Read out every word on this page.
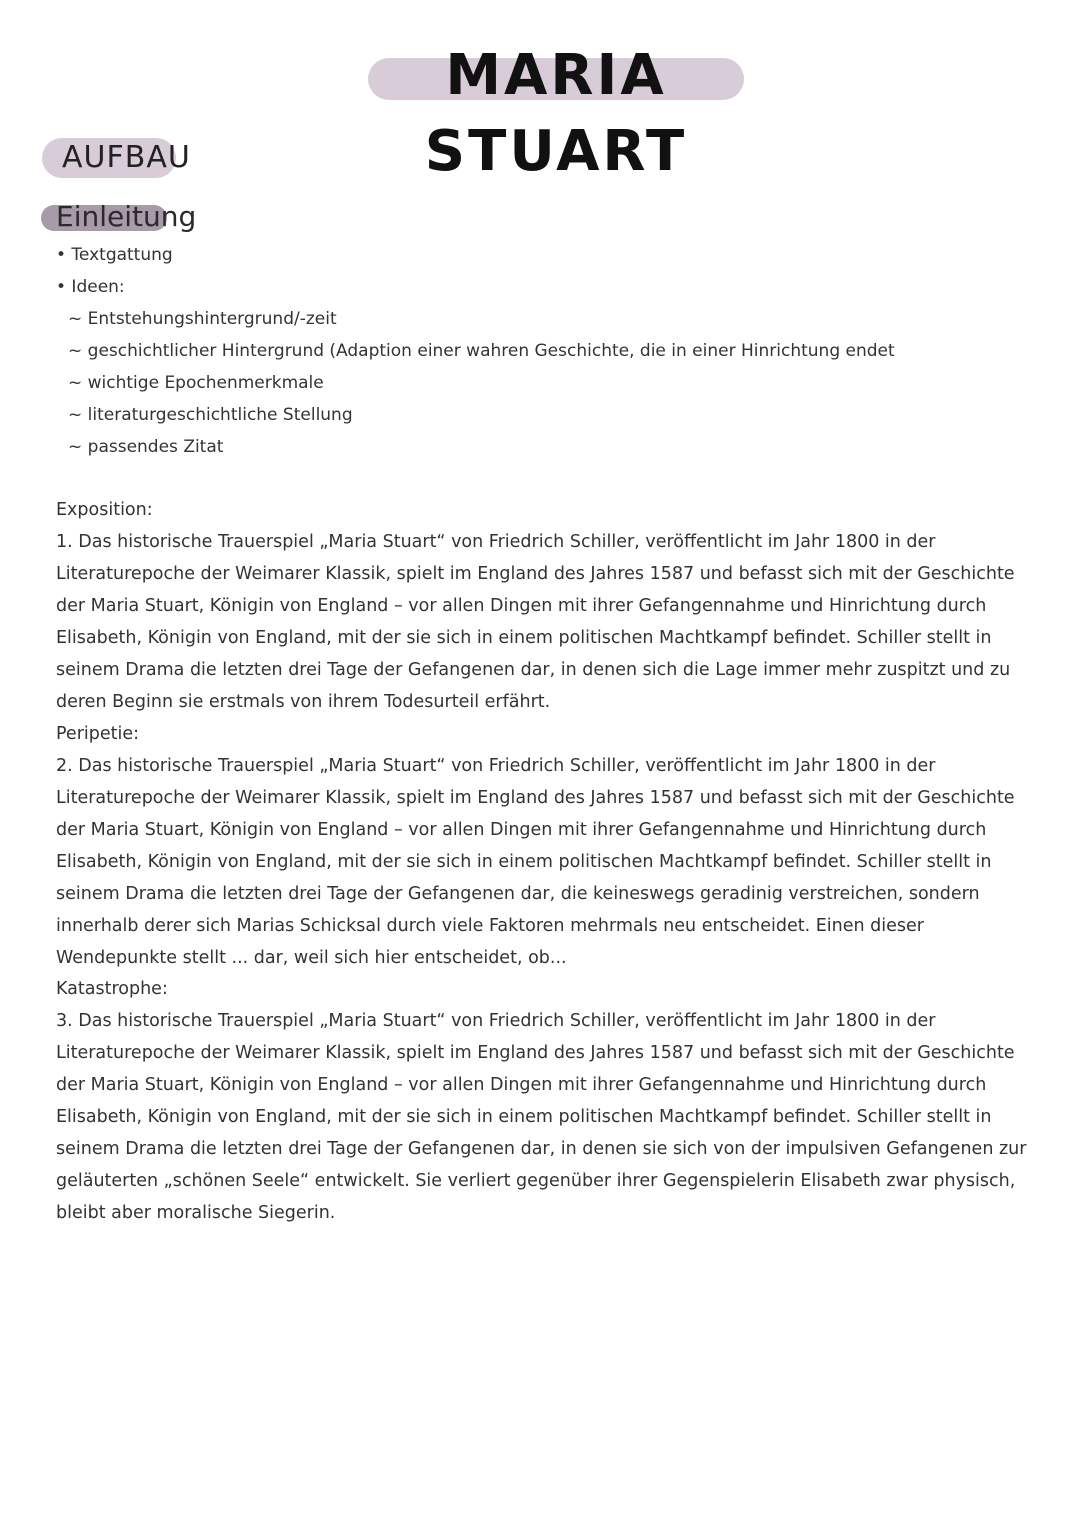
MARIA STUART
AUFBAU
Einleitung
• Textgattung
• Ideen:
~ Entstehungshintergrund/-zeit
~ geschichtlicher Hintergrund (Adaption einer wahren Geschichte, die in einer Hinrichtung endet
~ wichtige Epochenmerkmale
~ literaturgeschichtliche Stellung
~ passendes Zitat
Exposition:
1. Das historische Trauerspiel „Maria Stuart“ von Friedrich Schiller, veröffentlicht im Jahr 1800 in der Literaturepoche der Weimarer Klassik, spielt im England des Jahres 1587 und befasst sich mit der Geschichte der Maria Stuart, Königin von England – vor allen Dingen mit ihrer Gefangennahme und Hinrichtung durch Elisabeth, Königin von England, mit der sie sich in einem politischen Machtkampf befindet. Schiller stellt in seinem Drama die letzten drei Tage der Gefangenen dar, in denen sich die Lage immer mehr zuspitzt und zu deren Beginn sie erstmals von ihrem Todesurteil erfährt.
Peripetie:
2. Das historische Trauerspiel „Maria Stuart“ von Friedrich Schiller, veröffentlicht im Jahr 1800 in der Literaturepoche der Weimarer Klassik, spielt im England des Jahres 1587 und befasst sich mit der Geschichte der Maria Stuart, Königin von England – vor allen Dingen mit ihrer Gefangennahme und Hinrichtung durch Elisabeth, Königin von England, mit der sie sich in einem politischen Machtkampf befindet. Schiller stellt in seinem Drama die letzten drei Tage der Gefangenen dar, die keineswegs geradinig verstreichen, sondern innerhalb derer sich Marias Schicksal durch viele Faktoren mehrmals neu entscheidet. Einen dieser Wendepunkte stellt ... dar, weil sich hier entscheidet, ob...
Katastrophe:
3. Das historische Trauerspiel „Maria Stuart“ von Friedrich Schiller, veröffentlicht im Jahr 1800 in der Literaturepoche der Weimarer Klassik, spielt im England des Jahres 1587 und befasst sich mit der Geschichte der Maria Stuart, Königin von England – vor allen Dingen mit ihrer Gefangennahme und Hinrichtung durch Elisabeth, Königin von England, mit der sie sich in einem politischen Machtkampf befindet. Schiller stellt in seinem Drama die letzten drei Tage der Gefangenen dar, in denen sie sich von der impulsiven Gefangenen zur geläuterten „schönen Seele“ entwickelt. Sie verliert gegenüber ihrer Gegenspielerin Elisabeth zwar physisch, bleibt aber moralische Siegerin.
